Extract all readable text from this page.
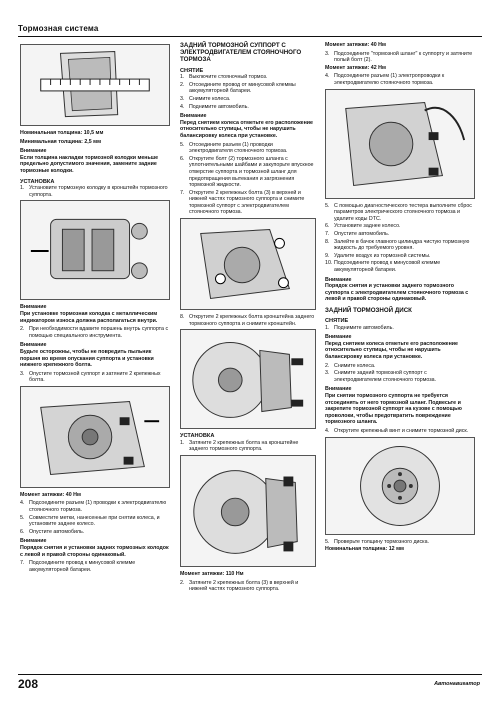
Тормозная система

Номинальная толщина: 10,5 мм

Минимальная толщина: 2,5 мм

Внимание

Если толщина накладки тормозной колодки меньше предельно допустимого значения, замените задние тормозные колодки.

УСТАНОВКА
1. Установите тормозную колодку в кронштейн тормозного суппорта.
Внимание

При установке тормозная колодка с металлическим индикатором износа должна располагаться внутри.

2. При необходимости вдавите поршень внутрь суппорта с помощью специального инструмента.
Внимание

Будьте осторожны, чтобы не повредить пыльник поршня во время опускания суппорта и установки нижнего крепежного болта.

3. Опустите тормозной суппорт и затяните 2 крепежных болта.

Момент затяжки: 40 Нм

4. Подсоедините разъем (1) проводки к электродвигателю стояночного тормоза.
5. Совместите метки, нанесенные при снятии колеса, и установите заднее колесо.
6. Опустите автомобиль.
Внимание

Порядок снятия и установки задних тормозных колодок с левой и правой стороны одинаковый.

7. Подсоедините провод к минусовой клемме аккумуляторной батареи.
ЗАДНИЙ ТОРМОЗНОЙ СУППОРТ С ЭЛЕКТРОДВИГАТЕЛЕМ СТОЯНОЧНОГО ТОРМОЗА
СНЯТИЕ
1. Выключите стояночный тормоз.
2. Отсоедините провод от минусовой клеммы аккумуляторной батареи.
3. Снимите колеса.
4. Поднимите автомобиль.
Внимание

Перед снятием колеса отметьте его расположение относительно ступицы, чтобы не нарушить балансировку колеса при установке.

5. Отсоедините разъем (1) проводки электродвигателя стояночного тормоза.
6. Открутите болт (2) тормозного шланга с уплотнительными шайбами и закупорьте впускное отверстие суппорта и тормозной шланг для предотвращения вытекания и загрязнения тормозной жидкости.
7. Открутите 2 крепежных болта (3) в верхней и нижней частях тормозного суппорта и снимите тормозной суппорт с электродвигателем стояночного тормоза.
8. Открутите 2 крепежных болта кронштейна заднего тормозного суппорта и снимите кронштейн.
УСТАНОВКА
1. Затяните 2 крепежных болта на кронштейне заднего тормозного суппорта.

Момент затяжки: 110 Нм

2. Затяните 2 крепежных болта (3) в верхней и нижней частях тормозного суппорта.

Момент затяжки: 40 Нм

3. Подсоедините "тормозной шланг" к суппорту и затяните полый болт (2).

Момент затяжки: 42 Нм

4. Подсоедините разъем (1) электропроводки к электродвигателю стояночного тормоза.
5. С помощью диагностического тестера выполните сброс параметров электрического стояночного тормоза и удалите коды DTC.
6. Установите заднее колесо.
7. Опустите автомобиль.
8. Залейте в бачок главного цилиндра чистую тормозную жидкость до требуемого уровня.
9. Удалите воздух из тормозной системы.
10. Подсоедините провод к минусовой клемме аккумуляторной батареи.
Внимание

Порядок снятия и установки заднего тормозного суппорта с электродвигателем стояночного тормоза с левой и правой стороны одинаковый.

ЗАДНИЙ ТОРМОЗНОЙ ДИСК
СНЯТИЕ
1. Поднимите автомобиль.
Внимание

Перед снятием колеса отметьте его расположение относительно ступицы, чтобы не нарушить балансировку колеса при установке.

2. Снимите колеса.
3. Снимите задний тормозной суппорт с электродвигателем стояночного тормоза.
Внимание

При снятии тормозного суппорта не требуется отсоединять от него тормозной шланг. Подвесьте и закрепите тормозной суппорт на кузове с помощью проволоки, чтобы предотвратить повреждение тормозного шланга.

4. Открутите крепежный винт и снимите тормозной диск.
5. Проверьте толщину тормозного диска.

Номинальная толщина: 12 мм

208	Автонавигатор
